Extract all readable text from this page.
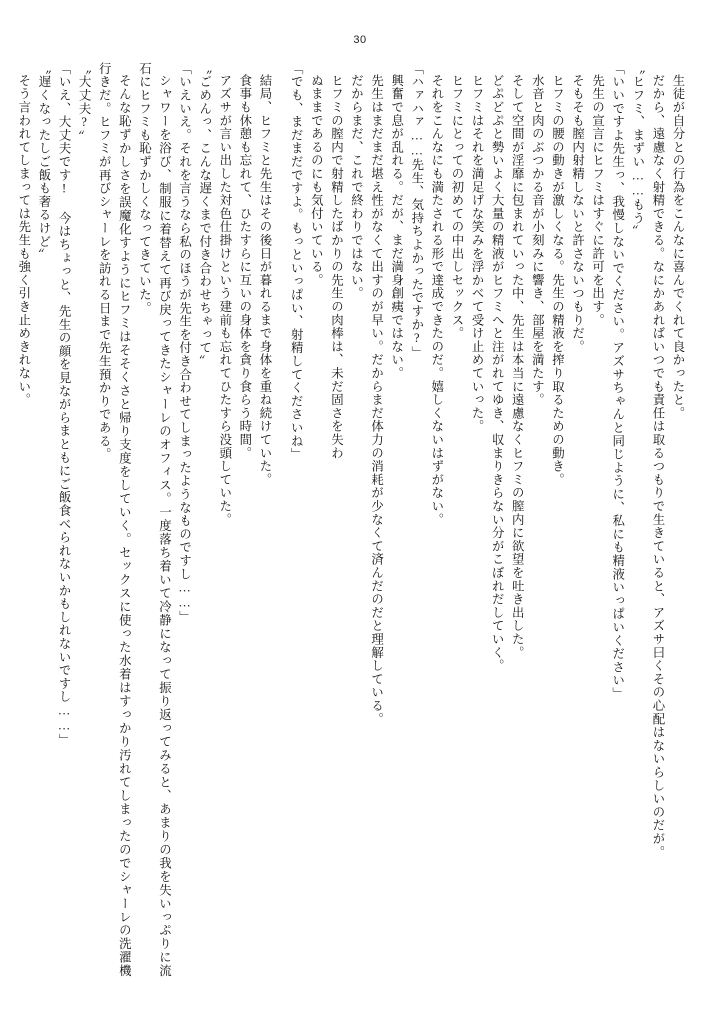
30

生徒が自分との行為をこんなに喜んでくれて良かったと。

だから、遠慮なく射精できる。なにかあればいつでも責任は取るつもりで生きていると、アズサ曰くその心配はないらしいのだが。

〝ヒフミ、まずい……もう〟

「いいですよ先生っ、我慢しないでください。アズサちゃんと同じように、私にも精液いっぱいください」

先生の宣言にヒフミはすぐに許可を出す。

そもそも膣内射精しないと許さないつもりだ。

ヒフミの腰の動きが激しくなる。先生の精液を搾り取るための動き。

水音と肉のぶつかる音が小刻みに響き、部屋を満たす。

そして空間が淫靡に包まれていった中、先生は本当に遠慮なくヒフミの膣内に欲望を吐き出した。

どぷどぷと勢いよく大量の精液がヒフミへと注がれてゆき、収まりきらない分がこぼれだしていく。

ヒフミはそれを満足げな笑みを浮かべて受け止めていった。

ヒフミにとっての初めての中出しセックス。

それをこんなにも満たされる形で達成できたのだ。嬉しくないはずがない。

「ハァハァ……先生、気持ちよかったですか?」

興奮で息が乱れる。だが、まだ満身創痍ではない。

先生はまだまだ堪え性がなくて出すのが早い。だからまだ体力の消耗が少なくて済んだのだと理解している。

だからまだ、これで終わりではない。

ヒフミの膣内で射精したばかりの先生の肉棒は、未だ固さを失わ

ぬままであるのにも気付いている。

「でも、まだまだですよ。もっといっぱい、射精してくださいね」

結局、ヒフミと先生はその後日が暮れるまで身体を重ね続けていた。

食事も休憩も忘れて、ひたすらに互いの身体を貪り食らう時間。

アズサが言い出した対色仕掛けという建前も忘れてひたすら没頭していた。

〝ごめんっ、こんな遅くまで付き合わせちゃって〟

「いえいえ。それを言うなら私のほうが先生を付き合わせてしまったようなものですし……」

シャワーを浴び、制服に着替えて再び戻ってきたシャーレのオフィス。一度落ち着いて冷静になって振り返ってみると、あまりの我を失いっぷりに流石にヒフミも恥ずかしくなってきていた。

そんな恥ずかしさを誤魔化すようにヒフミはそそくさと帰り支度をしていく。セックスに使った水着はすっかり汚れてしまったのでシャーレの洗濯機行きだ。ヒフミが再びシャーレを訪れる日まで先生預かりである。

〝大丈夫?〟

「いえ、大丈夫です! 今はちょっと、先生の顔を見ながらまともにご飯食べられないかもしれないですし……」

〝遅くなったしご飯も奢るけど〟

そう言われてしまっては先生も強く引き止めきれない。
